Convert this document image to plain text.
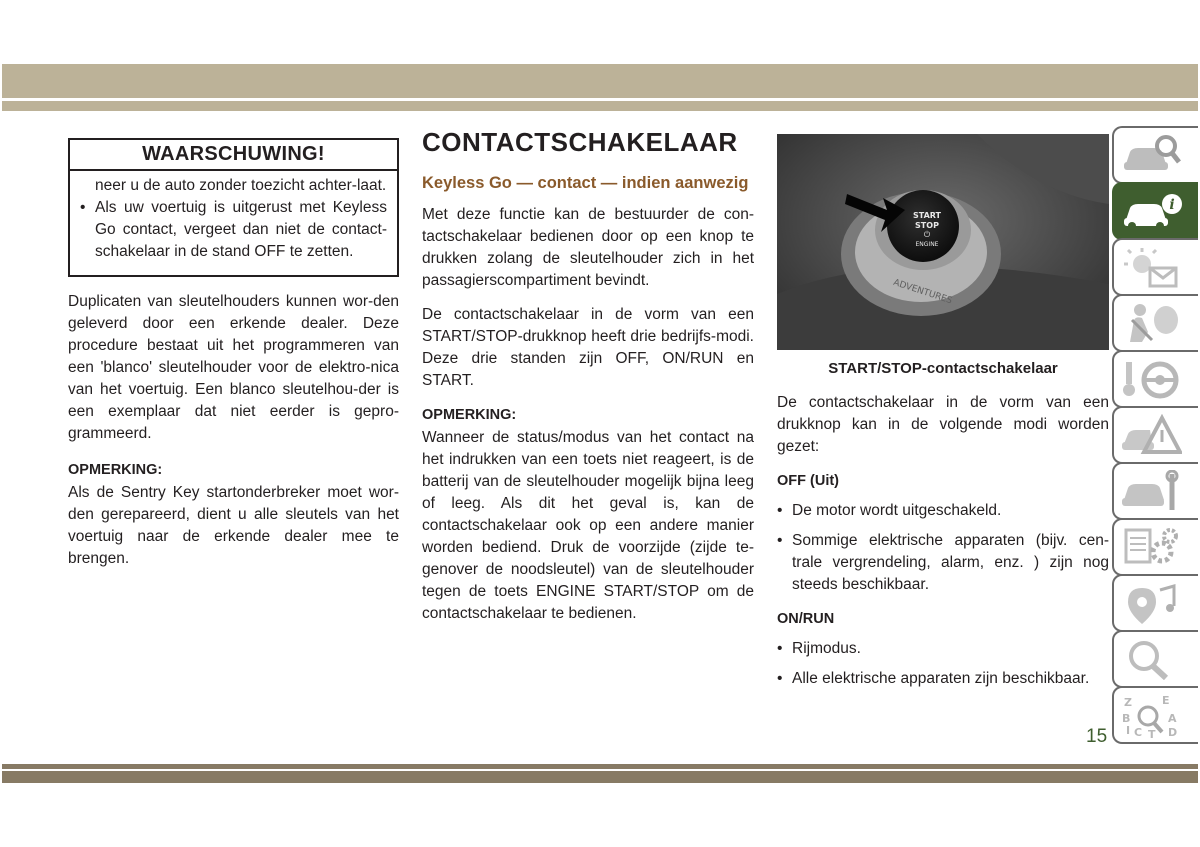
WAARSCHUWING!

neer u de auto zonder toezicht achter-laat.

• Als uw voertuig is uitgerust met Keyless Go contact, vergeet dan niet de contact-schakelaar in de stand OFF te zetten.

Duplicaten van sleutelhouders kunnen wor-den geleverd door een erkende dealer. Deze procedure bestaat uit het programmeren van een 'blanco' sleutelhouder voor de elektro-nica van het voertuig. Een blanco sleutelhou-der is een exemplaar dat niet eerder is gepro-grammeerd.

OPMERKING:

Als de Sentry Key startonderbreker moet wor-den gerepareerd, dient u alle sleutels van het voertuig naar de erkende dealer mee te brengen.

CONTACTSCHAKELAAR
Keyless Go — contact — indien aanwezig

Met deze functie kan de bestuurder de con-tactschakelaar bedienen door op een knop te drukken zolang de sleutelhouder zich in het passagierscompartiment bevindt.

De contactschakelaar in de vorm van een START/STOP-drukknop heeft drie bedrijfs-modi. Deze drie standen zijn OFF, ON/RUN en START.

OPMERKING:

Wanneer de status/modus van het contact na het indrukken van een toets niet reageert, is de batterij van de sleutelhouder mogelijk bijna leeg of leeg. Als dit het geval is, kan de contactschakelaar ook op een andere manier worden bediend. Druk de voorzijde (zijde te-genover de noodsleutel) van de sleutelhouder tegen de toets ENGINE START/STOP om de contactschakelaar te bedienen.

START
STOP
ENGINE
⏻
ADVENTURES
START/STOP-contactschakelaar

De contactschakelaar in de vorm van een drukknop kan in de volgende modi worden gezet:

OFF (Uit)

• De motor wordt uitgeschakeld.

• Sommige elektrische apparaten (bijv. cen-trale vergrendeling, alarm, enz. ) zijn nog steeds beschikbaar.

ON/RUN

• Rijmodus.

• Alle elektrische apparaten zijn beschikbaar.

i
Z	E
B	A
C D
I T
15
